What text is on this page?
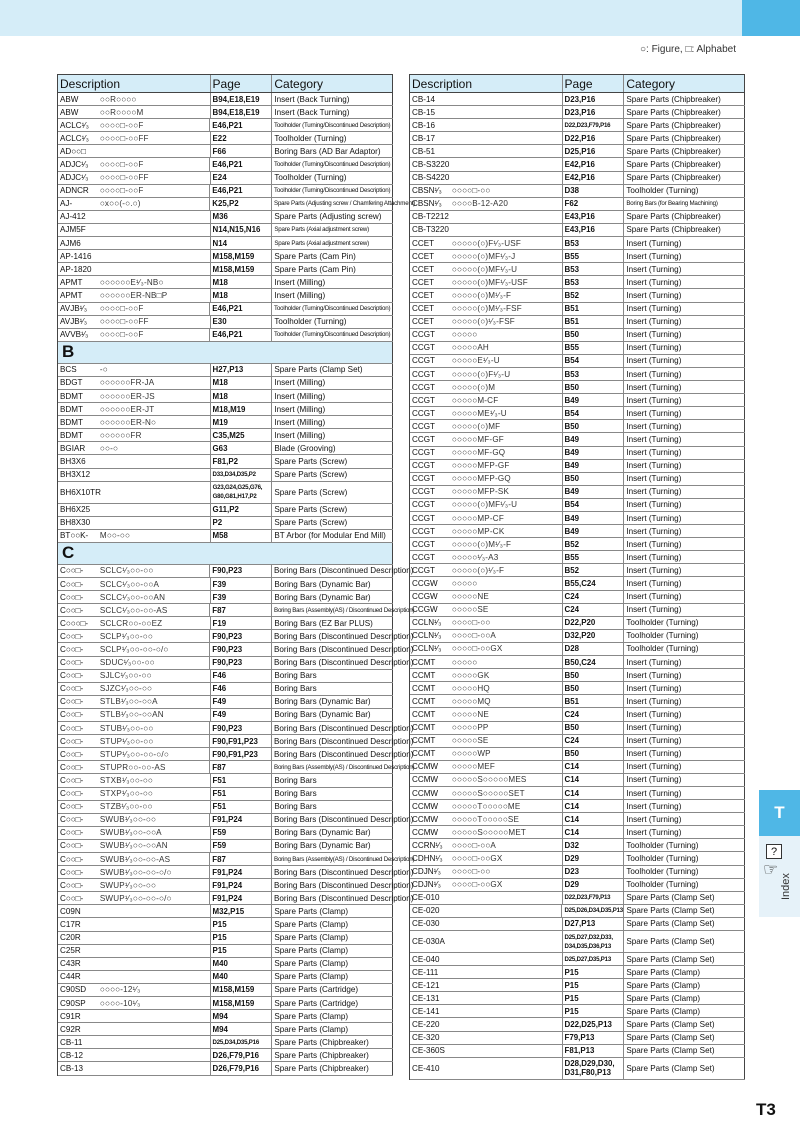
○: Figure, □: Alphabet
Description	Page	Category
ABW	○○R○○○○	B94,E18,E19	Insert (Back Turning)
ABW	○○R○○○○M	B94,E18,E19	Insert (Back Turning)
ACLC¹⁄₃	○○○○□-○○F	E46,P21	Toolholder (Turning/Discontinued Description)
ACLC¹⁄₃	○○○○□-○○FF	E22	Toolholder (Turning)
AD○○□	F66	Boring Bars (AD Bar Adaptor)
ADJC¹⁄₃	○○○○□-○○F	E46,P21	Toolholder (Turning/Discontinued Description)
ADJC¹⁄₃	○○○○□-○○FF	E24	Toolholder (Turning)
ADNCR	○○○○□-○○F	E46,P21	Toolholder (Turning/Discontinued Description)
AJ-	○x○○(-○.○)	K25,P2	Spare Parts (Adjusting screw / Chamfering Attachment)
AJ-412	M36	Spare Parts (Adjusting screw)
AJM5F	N14,N15,N16	Spare Parts (Axial adjustment screw)
AJM6	N14	Spare Parts (Axial adjustment screw)
AP-1416	M158,M159	Spare Parts (Cam Pin)
AP-1820	M158,M159	Spare Parts (Cam Pin)
APMT	○○○○○○E¹⁄₃-NB○	M18	Insert (Milling)
APMT	○○○○○○ER-NB□P	M18	Insert (Milling)
AVJB¹⁄₃	○○○○□-○○F	E46,P21	Toolholder (Turning/Discontinued Description)
AVJB¹⁄₃	○○○○□-○○FF	E30	Toolholder (Turning)
AVVB¹⁄₃	○○○○□-○○F	E46,P21	Toolholder (Turning/Discontinued Description)
B
BCS	-○	H27,P13	Spare Parts (Clamp Set)
BDGT	○○○○○○FR-JA	M18	Insert (Milling)
BDMT	○○○○○○ER-JS	M18	Insert (Milling)
BDMT	○○○○○○ER-JT	M18,M19	Insert (Milling)
BDMT	○○○○○○ER-N○	M19	Insert (Milling)
BDMT	○○○○○○FR	C35,M25	Insert (Milling)
BGIAR	○○-○	G63	Blade (Grooving)
BH3X6	F81,P2	Spare Parts (Screw)
BH3X12	D33,D34,D35,P2	Spare Parts (Screw)
BH6X10TR	G23,G24,G25,G76, G80,G81,H17,P2	Spare Parts (Screw)
BH6X25	G11,P2	Spare Parts (Screw)
BH8X30	P2	Spare Parts (Screw)
BT○○K-	M○○-○○	M58	BT Arbor (for Modular End Mill)
C
C○○□-	SCLC¹⁄₃○○-○○	F90,P23	Boring Bars (Discontinued Description)
C○○□-	SCLC¹⁄₃○○-○○A	F39	Boring Bars (Dynamic Bar)
C○○□-	SCLC¹⁄₃○○-○○AN	F39	Boring Bars (Dynamic Bar)
C○○□-	SCLC¹⁄₃○○-○○-AS	F87	Boring Bars (Assembly(AS) / Discontinued Description)
C○○○□-	SCLCR○○-○○EZ	F19	Boring Bars (EZ Bar PLUS)
C○○□-	SCLP¹⁄₃○○-○○	F90,P23	Boring Bars (Discontinued Description)
C○○□-	SCLP¹⁄₃○○-○○-○/○	F90,P23	Boring Bars (Discontinued Description)
C○○□-	SDUC¹⁄₃○○-○○	F90,P23	Boring Bars (Discontinued Description)
C○○□-	SJLC¹⁄₃○○-○○	F46	Boring Bars
C○○□-	SJZC¹⁄₃○○-○○	F46	Boring Bars
C○○□-	STLB¹⁄₃○○-○○A	F49	Boring Bars (Dynamic Bar)
C○○□-	STLB¹⁄₃○○-○○AN	F49	Boring Bars (Dynamic Bar)
C○○□-	STUB¹⁄₃○○-○○	F90,P23	Boring Bars (Discontinued Description)
C○○□-	STUP¹⁄₃○○-○○	F90,F91,P23	Boring Bars (Discontinued Description)
C○○□-	STUP¹⁄₃○○-○○-○/○	F90,F91,P23	Boring Bars (Discontinued Description)
C○○□-	STUPR○○-○○-AS	F87	Boring Bars (Assembly(AS) / Discontinued Description)
C○○□-	STXB¹⁄₃○○-○○	F51	Boring Bars
C○○□-	STXP¹⁄₃○○-○○	F51	Boring Bars
C○○□-	STZB¹⁄₃○○-○○	F51	Boring Bars
C○○□-	SWUB¹⁄₃○○-○○	F91,P24	Boring Bars (Discontinued Description)
C○○□-	SWUB¹⁄₃○○-○○A	F59	Boring Bars (Dynamic Bar)
C○○□-	SWUB¹⁄₃○○-○○AN	F59	Boring Bars (Dynamic Bar)
C○○□-	SWUB¹⁄₃○○-○○-AS	F87	Boring Bars (Assembly(AS) / Discontinued Description)
C○○□-	SWUB¹⁄₃○○-○○-○/○	F91,P24	Boring Bars (Discontinued Description)
C○○□-	SWUP¹⁄₃○○-○○	F91,P24	Boring Bars (Discontinued Description)
C○○□-	SWUP¹⁄₃○○-○○-○/○	F91,P24	Boring Bars (Discontinued Description)
C09N	M32,P15	Spare Parts (Clamp)
C17R	P15	Spare Parts (Clamp)
C20R	P15	Spare Parts (Clamp)
C25R	P15	Spare Parts (Clamp)
C43R	M40	Spare Parts (Clamp)
C44R	M40	Spare Parts (Clamp)
C90SD	○○○○-12¹⁄₃	M158,M159	Spare Parts (Cartridge)
C90SP	○○○○-10¹⁄₃	M158,M159	Spare Parts (Cartridge)
C91R	M94	Spare Parts (Clamp)
C92R	M94	Spare Parts (Clamp)
CB-11	D25,D34,D35,P16	Spare Parts (Chipbreaker)
CB-12	D26,F79,P16	Spare Parts (Chipbreaker)
CB-13	D26,F79,P16	Spare Parts (Chipbreaker)
Description	Page	Category
CB-14	D23,P16	Spare Parts (Chipbreaker)
CB-15	D23,P16	Spare Parts (Chipbreaker)
CB-16	D22,D23,F79,P16	Spare Parts (Chipbreaker)
CB-17	D22,P16	Spare Parts (Chipbreaker)
CB-51	D25,P16	Spare Parts (Chipbreaker)
CB-S3220	E42,P16	Spare Parts (Chipbreaker)
CB-S4220	E42,P16	Spare Parts (Chipbreaker)
CBSN¹⁄₃	○○○○□-○○	D38	Toolholder (Turning)
CBSN¹⁄₃	○○○○B-12-A20	F62	Boring Bars (for Bearing Machining)
CB-T2212	E43,P16	Spare Parts (Chipbreaker)
CB-T3220	E43,P16	Spare Parts (Chipbreaker)
CCET	○○○○○(○)F¹⁄₃-USF	B53	Insert (Turning)
CCET	○○○○○(○)MF¹⁄₃-J	B55	Insert (Turning)
CCET	○○○○○(○)MF¹⁄₃-U	B53	Insert (Turning)
CCET	○○○○○(○)MF¹⁄₃-USF	B53	Insert (Turning)
CCET	○○○○○(○)M¹⁄₃-F	B52	Insert (Turning)
CCET	○○○○○(○)M¹⁄₃-FSF	B51	Insert (Turning)
CCET	○○○○○(○)¹⁄₃-FSF	B51	Insert (Turning)
CCGT	○○○○○	B50	Insert (Turning)
CCGT	○○○○○AH	B55	Insert (Turning)
CCGT	○○○○○E¹⁄₃-U	B54	Insert (Turning)
CCGT	○○○○○(○)F¹⁄₃-U	B53	Insert (Turning)
CCGT	○○○○○(○)M	B50	Insert (Turning)
CCGT	○○○○○M-CF	B49	Insert (Turning)
CCGT	○○○○○ME¹⁄₃-U	B54	Insert (Turning)
CCGT	○○○○○(○)MF	B50	Insert (Turning)
CCGT	○○○○○MF-GF	B49	Insert (Turning)
CCGT	○○○○○MF-GQ	B49	Insert (Turning)
CCGT	○○○○○MFP-GF	B49	Insert (Turning)
CCGT	○○○○○MFP-GQ	B50	Insert (Turning)
CCGT	○○○○○MFP-SK	B49	Insert (Turning)
CCGT	○○○○○(○)MF¹⁄₃-U	B54	Insert (Turning)
CCGT	○○○○○MP-CF	B49	Insert (Turning)
CCGT	○○○○○MP-CK	B49	Insert (Turning)
CCGT	○○○○○(○)M¹⁄₃-F	B52	Insert (Turning)
CCGT	○○○○○¹⁄₃-A3	B55	Insert (Turning)
CCGT	○○○○○(○)¹⁄₃-F	B52	Insert (Turning)
CCGW	○○○○○	B55,C24	Insert (Turning)
CCGW	○○○○○NE	C24	Insert (Turning)
CCGW	○○○○○SE	C24	Insert (Turning)
CCLN¹⁄₃	○○○○□-○○	D22,P20	Toolholder (Turning)
CCLN¹⁄₃	○○○○□-○○A	D32,P20	Toolholder (Turning)
CCLN¹⁄₃	○○○○□-○○GX	D28	Toolholder (Turning)
CCMT	○○○○○	B50,C24	Insert (Turning)
CCMT	○○○○○GK	B50	Insert (Turning)
CCMT	○○○○○HQ	B50	Insert (Turning)
CCMT	○○○○○MQ	B51	Insert (Turning)
CCMT	○○○○○NE	C24	Insert (Turning)
CCMT	○○○○○PP	B50	Insert (Turning)
CCMT	○○○○○SE	C24	Insert (Turning)
CCMT	○○○○○WP	B50	Insert (Turning)
CCMW	○○○○○MEF	C14	Insert (Turning)
CCMW	○○○○○S○○○○○MES	C14	Insert (Turning)
CCMW	○○○○○S○○○○○SET	C14	Insert (Turning)
CCMW	○○○○○T○○○○○ME	C14	Insert (Turning)
CCMW	○○○○○T○○○○○SE	C14	Insert (Turning)
CCMW	○○○○○S○○○○○MET	C14	Insert (Turning)
CCRN¹⁄₃	○○○○□-○○A	D32	Toolholder (Turning)
CDHN¹⁄₃	○○○○□-○○GX	D29	Toolholder (Turning)
CDJN¹⁄₃	○○○○□-○○	D23	Toolholder (Turning)
CDJN¹⁄₃	○○○○□-○○GX	D29	Toolholder (Turning)
CE-010	D22,D23,F79,P13	Spare Parts (Clamp Set)
CE-020	D25,D26,D34,D35,P13 Spare Parts (Clamp Set)
CE-030	D27,P13	Spare Parts (Clamp Set)
CE-030A	D25,D27,D32,D33, D34,D35,D36,P13	Spare Parts (Clamp Set)
CE-040	D25,D27,D35,P13	Spare Parts (Clamp Set)
CE-111	P15	Spare Parts (Clamp)
CE-121	P15	Spare Parts (Clamp)
CE-131	P15	Spare Parts (Clamp)
CE-141	P15	Spare Parts (Clamp)
CE-220	D22,D25,P13	Spare Parts (Clamp Set)
CE-320	F79,P13	Spare Parts (Clamp Set)
CE-360S	F81,P13	Spare Parts (Clamp Set)
CE-410	D28,D29,D30, D31,F80,P13	Spare Parts (Clamp Set)
T
?
☞
Index
T3
